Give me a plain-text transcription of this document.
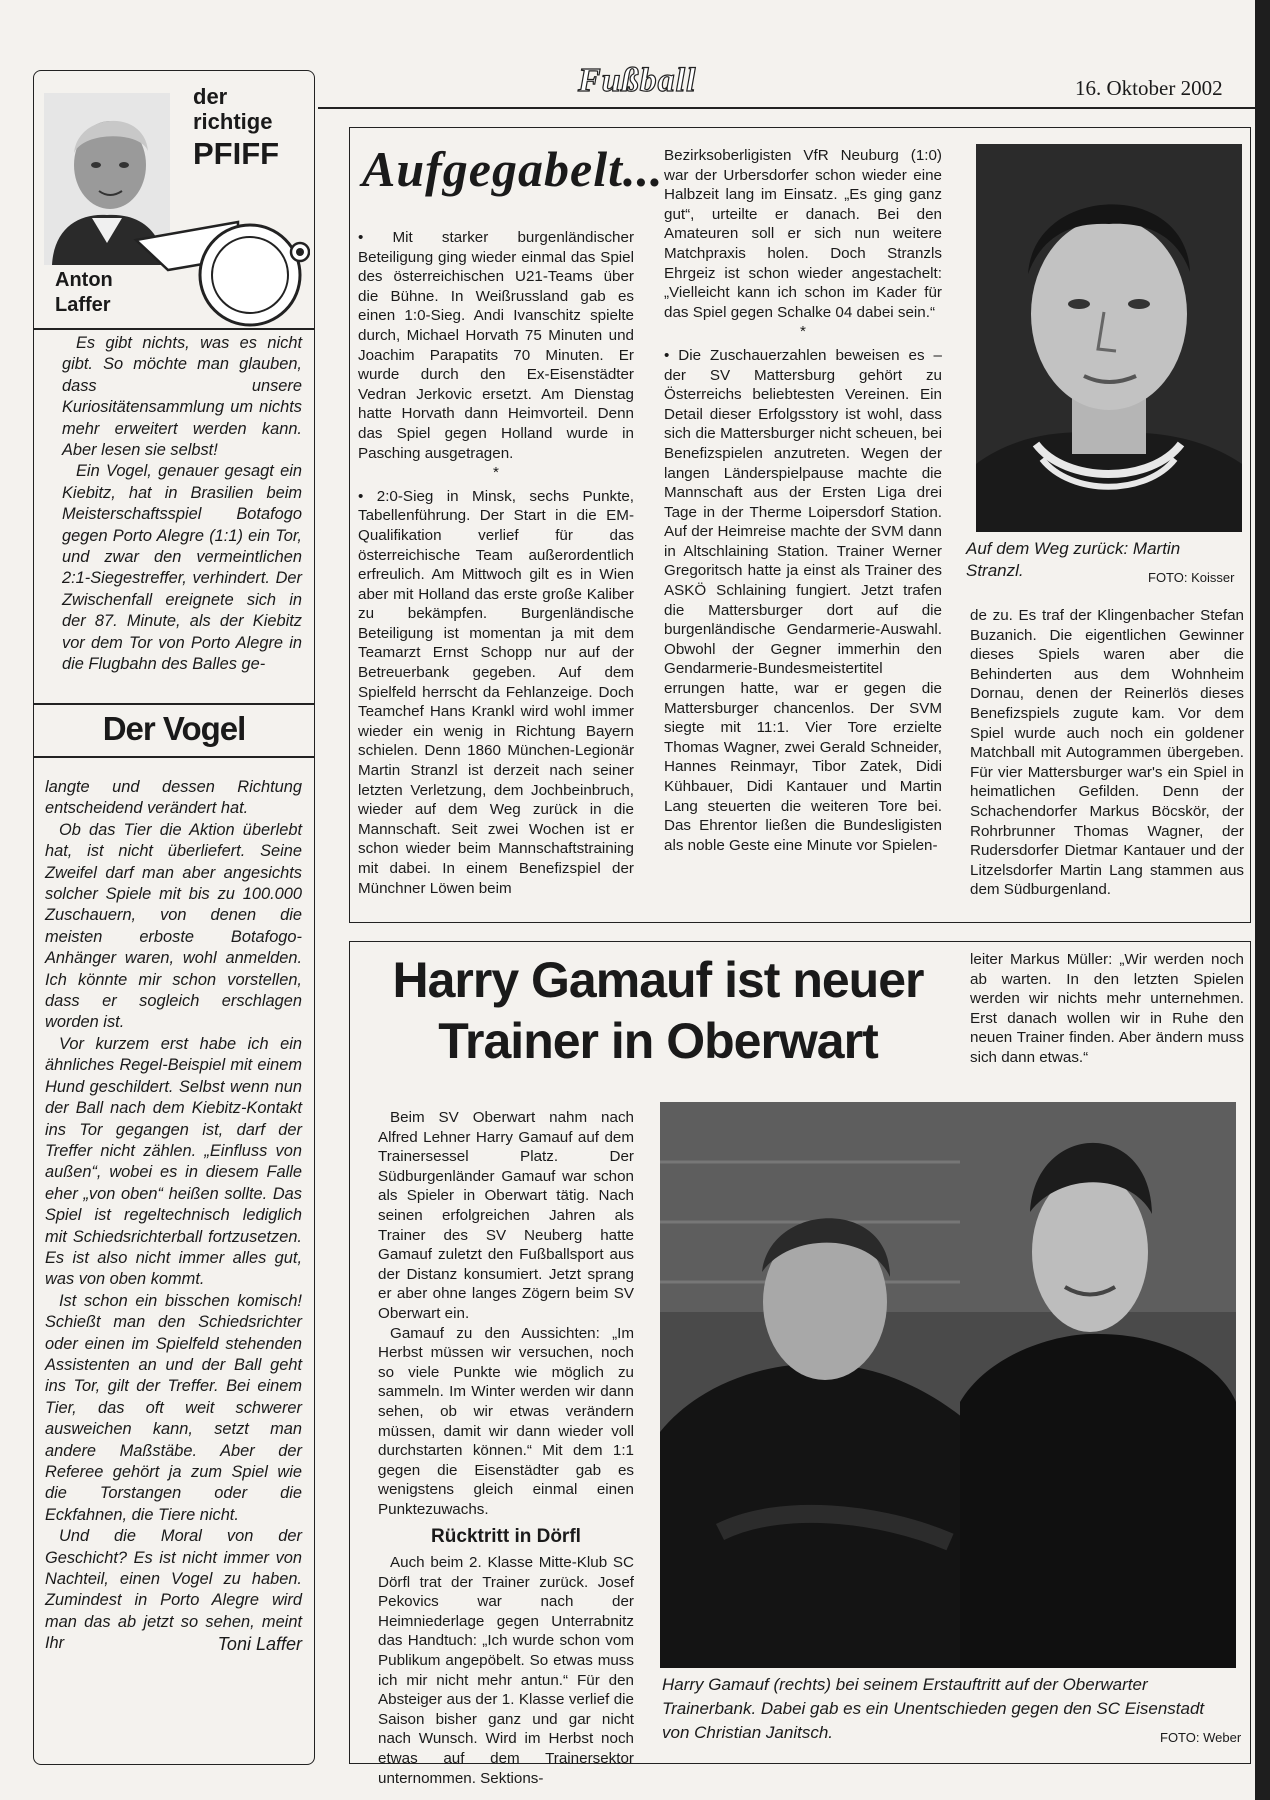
Fußball	16. Oktober 2002
der
richtige
PFIFF
Anton
Laffer

Es gibt nichts, was es nicht gibt. So möchte man glauben, dass unsere Kuriositätensammlung um nichts mehr erweitert werden kann. Aber lesen sie selbst!

Ein Vogel, genauer gesagt ein Kiebitz, hat in Brasilien beim Meisterschaftsspiel Botafogo gegen Porto Alegre (1:1) ein Tor, und zwar den vermeintlichen 2:1-Siegestreffer, verhindert. Der Zwischenfall ereignete sich in der 87. Minute, als der Kiebitz vor dem Tor von Porto Alegre in die Flugbahn des Balles ge-

Der Vogel

langte und dessen Richtung entscheidend verändert hat.

Ob das Tier die Aktion überlebt hat, ist nicht überliefert. Seine Zweifel darf man aber angesichts solcher Spiele mit bis zu 100.000 Zuschauern, von denen die meisten erboste Botafogo-Anhänger waren, wohl anmelden. Ich könnte mir schon vorstellen, dass er sogleich erschlagen worden ist.

Vor kurzem erst habe ich ein ähnliches Regel-Beispiel mit einem Hund geschildert. Selbst wenn nun der Ball nach dem Kiebitz-Kontakt ins Tor gegangen ist, darf der Treffer nicht zählen. „Einfluss von außen“, wobei es in diesem Falle eher „von oben“ heißen sollte. Das Spiel ist regeltechnisch lediglich mit Schiedsrichterball fortzusetzen. Es ist also nicht immer alles gut, was von oben kommt.

Ist schon ein bisschen komisch! Schießt man den Schiedsrichter oder einen im Spielfeld stehenden Assistenten an und der Ball geht ins Tor, gilt der Treffer. Bei einem Tier, das oft weit schwerer ausweichen kann, setzt man andere Maßstäbe. Aber der Referee gehört ja zum Spiel wie die Torstangen oder die Eckfahnen, die Tiere nicht.

Und die Moral von der Geschicht? Es ist nicht immer von Nachteil, einen Vogel zu haben. Zumindest in Porto Alegre wird man das ab jetzt so sehen, meint Ihr	Toni Laffer
Aufgegabelt...

• Mit starker burgenländischer Beteiligung ging wieder einmal das Spiel des österreichischen U21-Teams über die Bühne. In Weißrussland gab es einen 1:0-Sieg. Andi Ivanschitz spielte durch, Michael Horvath 75 Minuten und Joachim Parapatits 70 Minuten. Er wurde durch den Ex-Eisenstädter Vedran Jerkovic ersetzt. Am Dienstag hatte Horvath dann Heimvorteil. Denn das Spiel gegen Holland wurde in Pasching ausgetragen.

*

• 2:0-Sieg in Minsk, sechs Punkte, Tabellenführung. Der Start in die EM-Qualifikation verlief für das österreichische Team außerordentlich erfreulich. Am Mittwoch gilt es in Wien aber mit Holland das erste große Kaliber zu bekämpfen. Burgenländische Beteiligung ist momentan ja mit dem Teamarzt Ernst Schopp nur auf der Betreuerbank gegeben. Auf dem Spielfeld herrscht da Fehlanzeige. Doch Teamchef Hans Krankl wird wohl immer wieder ein wenig in Richtung Bayern schielen. Denn 1860 München-Legionär Martin Stranzl ist derzeit nach seiner letzten Verletzung, dem Jochbeinbruch, wieder auf dem Weg zurück in die Mannschaft. Seit zwei Wochen ist er schon wieder beim Mannschaftstraining mit dabei. In einem Benefizspiel der Münchner Löwen beim

Bezirksoberligisten VfR Neuburg (1:0) war der Urbersdorfer schon wieder eine Halbzeit lang im Einsatz. „Es ging ganz gut“, urteilte er danach. Bei den Amateuren soll er sich nun weitere Matchpraxis holen. Doch Stranzls Ehrgeiz ist schon wieder angestachelt: „Vielleicht kann ich schon im Kader für das Spiel gegen Schalke 04 dabei sein.“

*

• Die Zuschauerzahlen beweisen es – der SV Mattersburg gehört zu Österreichs beliebtesten Vereinen. Ein Detail dieser Erfolgsstory ist wohl, dass sich die Mattersburger nicht scheuen, bei Benefizspielen anzutreten. Wegen der langen Länderspielpause machte die Mannschaft aus der Ersten Liga drei Tage in der Therme Loipersdorf Station. Auf der Heimreise machte der SVM dann in Altschlaining Station. Trainer Werner Gregoritsch hatte ja einst als Trainer des ASKÖ Schlaining fungiert. Jetzt trafen die Mattersburger dort auf die burgenländische Gendarmerie-Auswahl. Obwohl der Gegner immerhin den Gendarmerie-Bundesmeistertitel errungen hatte, war er gegen die Mattersburger chancenlos. Der SVM siegte mit 11:1. Vier Tore erzielte Thomas Wagner, zwei Gerald Schneider, Hannes Reinmayr, Tibor Zatek, Didi Kühbauer, Didi Kantauer und Martin Lang steuerten die weiteren Tore bei. Das Ehrentor ließen die Bundesligisten als noble Geste eine Minute vor Spielen-

Auf dem Weg zurück: Martin Stranzl.	FOTO: Koisser

de zu. Es traf der Klingenbacher Stefan Buzanich. Die eigentlichen Gewinner dieses Spiels waren aber die Behinderten aus dem Wohnheim Dornau, denen der Reinerlös dieses Benefizspiels zugute kam. Vor dem Spiel wurde auch noch ein goldener Matchball mit Autogrammen übergeben. Für vier Mattersburger war's ein Spiel in heimatlichen Gefilden. Denn der Schachendorfer Markus Böcskör, der Rohrbrunner Thomas Wagner, der Rudersdorfer Dietmar Kantauer und der Litzelsdorfer Martin Lang stammen aus dem Südburgenland.

Harry Gamauf ist neuer
Trainer in Oberwart
leiter Markus Müller: „Wir werden noch ab warten. In den letzten Spielen werden wir nichts mehr unternehmen. Erst danach wollen wir in Ruhe den neuen Trainer finden. Aber ändern muss sich dann etwas.“

Beim SV Oberwart nahm nach Alfred Lehner Harry Gamauf auf dem Trainersessel Platz. Der Südburgenländer Gamauf war schon als Spieler in Oberwart tätig. Nach seinen erfolgreichen Jahren als Trainer des SV Neuberg hatte Gamauf zuletzt den Fußballsport aus der Distanz konsumiert. Jetzt sprang er aber ohne langes Zögern beim SV Oberwart ein.

Gamauf zu den Aussichten: „Im Herbst müssen wir versuchen, noch so viele Punkte wie möglich zu sammeln. Im Winter werden wir dann sehen, ob wir etwas verändern müssen, damit wir dann wieder voll durchstarten können.“ Mit dem 1:1 gegen die Eisenstädter gab es wenigstens gleich einmal einen Punktezuwachs.

Rücktritt in Dörfl

Auch beim 2. Klasse Mitte-Klub SC Dörfl trat der Trainer zurück. Josef Pekovics war nach der Heimniederlage gegen Unterrabnitz das Handtuch: „Ich wurde schon vom Publikum angepöbelt. So etwas muss ich mir nicht mehr antun.“ Für den Absteiger aus der 1. Klasse verlief die Saison bisher ganz und gar nicht nach Wunsch. Wird im Herbst noch etwas auf dem Trainersektor unternommen. Sektions-

Harry Gamauf (rechts) bei seinem Erstauftritt auf der Oberwarter Trainerbank. Dabei gab es ein Unentschieden gegen den SC Eisenstadt von Christian Janitsch.	FOTO: Weber
